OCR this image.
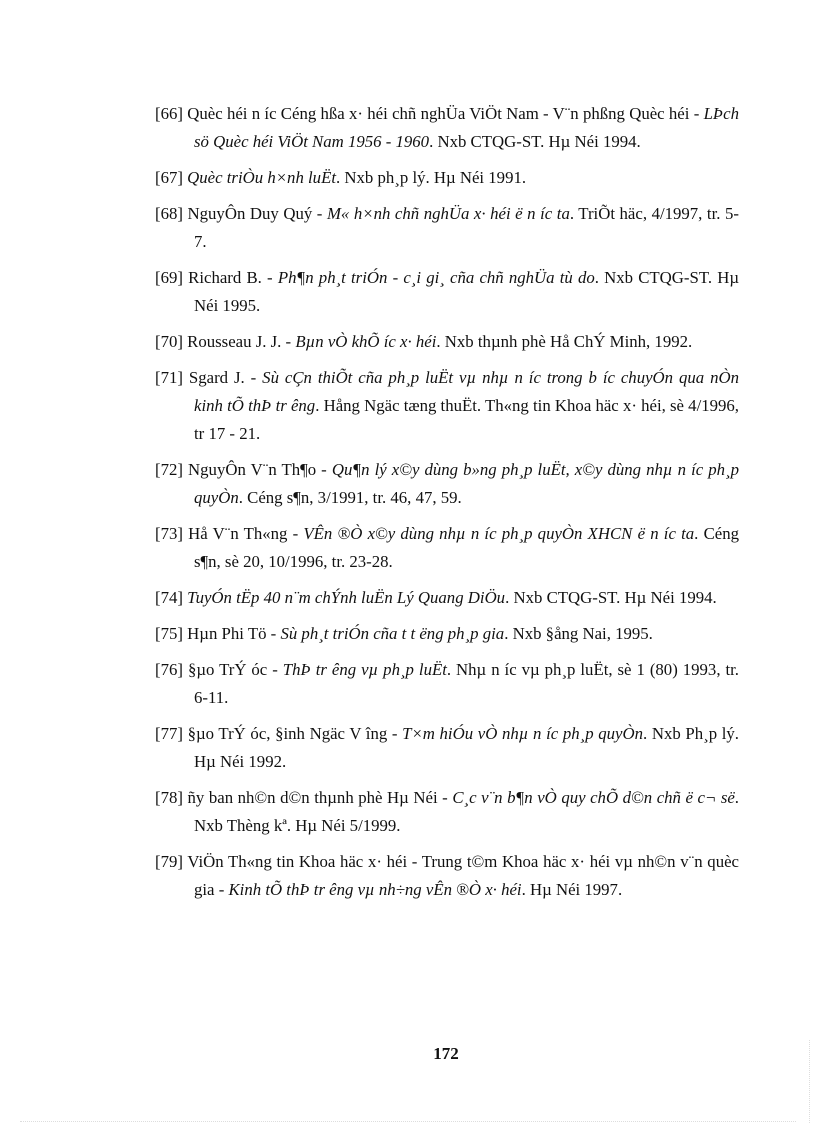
[66] Quèc héi n íc Céng hßa x· héi chñ nghÜa ViÖt Nam - V¨n phßng Quèc héi - LÞch sö Quèc héi ViÖt Nam 1956 - 1960. Nxb CTQG-ST. Hµ Néi 1994.

[67] Quèc triÒu h×nh luËt. Nxb ph¸p lý. Hµ Néi 1991.

[68] NguyÔn Duy Quý - M« h×nh chñ nghÜa x· héi ë n íc ta. TriÕt häc, 4/1997, tr. 5-7.

[69] Richard B. - Ph¶n ph¸t triÓn - c¸i gi¸ cña chñ nghÜa tù do. Nxb CTQG-ST. Hµ Néi 1995.

[70] Rousseau J. J. - Bµn vÒ khÕ íc x· héi. Nxb thµnh phè Hå ChÝ Minh, 1992.

[71] Sgard J. - Sù cÇn thiÕt cña ph¸p luËt vµ nhµ n íc trong b íc chuyÓn qua nÒn kinh tÕ thÞ tr êng. Hång Ngäc tæng thuËt. Th«ng tin Khoa häc x· héi, sè 4/1996, tr 17 - 21.

[72] NguyÔn V¨n Th¶o - Qu¶n lý x©y dùng b»ng ph¸p luËt, x©y dùng nhµ n íc ph¸p quyÒn. Céng s¶n, 3/1991, tr. 46, 47, 59.

[73] Hå V¨n Th«ng - VÊn ®Ò x©y dùng nhµ n íc ph¸p quyÒn XHCN ë n íc ta. Céng s¶n, sè 20, 10/1996, tr. 23-28.

[74] TuyÓn tËp 40 n¨m chÝnh luËn Lý Quang DiÖu. Nxb CTQG-ST. Hµ Néi 1994.

[75] Hµn Phi Tö - Sù ph¸t triÓn cña t t ëng ph¸p gia. Nxb §ång Nai, 1995.

[76] §µo TrÝ óc - ThÞ tr êng vµ ph¸p luËt. Nhµ n íc vµ ph¸p luËt, sè 1 (80) 1993, tr. 6-11.

[77] §µo TrÝ óc, §inh Ngäc V îng - T×m hiÓu vÒ nhµ n íc ph¸p quyÒn. Nxb Ph¸p lý. Hµ Néi 1992.

[78] ñy ban nh©n d©n thµnh phè Hµ Néi - C¸c v¨n b¶n vÒ quy chÕ d©n chñ ë c¬ së. Nxb Thèng kª. Hµ Néi 5/1999.

[79] ViÖn Th«ng tin Khoa häc x· héi - Trung t©m Khoa häc x· héi vµ nh©n v¨n quèc gia - Kinh tÕ thÞ tr êng vµ nh÷ng vÊn ®Ò x· héi. Hµ Néi 1997.

172
